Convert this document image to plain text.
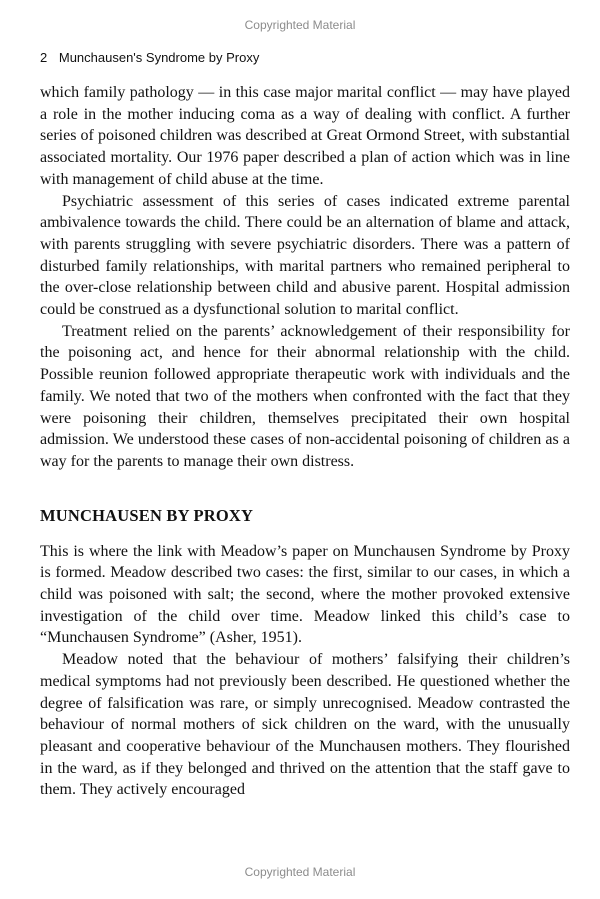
Copyrighted Material
2 Munchausen's Syndrome by Proxy

which family pathology — in this case major marital conflict — may have played a role in the mother inducing coma as a way of dealing with conflict. A further series of poisoned children was described at Great Ormond Street, with substantial associated mortality. Our 1976 paper described a plan of action which was in line with management of child abuse at the time.

Psychiatric assessment of this series of cases indicated extreme parental ambivalence towards the child. There could be an alternation of blame and attack, with parents struggling with severe psychiatric disorders. There was a pattern of disturbed family relationships, with marital partners who remained peripheral to the over-close relationship between child and abusive parent. Hospital admission could be construed as a dysfunctional solution to marital conflict.

Treatment relied on the parents’ acknowledgement of their responsibility for the poisoning act, and hence for their abnormal relationship with the child. Possible reunion followed appropriate therapeutic work with individuals and the family. We noted that two of the mothers when confronted with the fact that they were poisoning their children, themselves precipitated their own hospital admission. We understood these cases of non-accidental poisoning of children as a way for the parents to manage their own distress.

MUNCHAUSEN BY PROXY

This is where the link with Meadow’s paper on Munchausen Syndrome by Proxy is formed. Meadow described two cases: the first, similar to our cases, in which a child was poisoned with salt; the second, where the mother provoked extensive investigation of the child over time. Meadow linked this child’s case to “Munchausen Syndrome” (Asher, 1951).

Meadow noted that the behaviour of mothers’ falsifying their children’s medical symptoms had not previously been described. He questioned whether the degree of falsification was rare, or simply unrecognised. Meadow contrasted the behaviour of normal mothers of sick children on the ward, with the unusually pleasant and cooperative behaviour of the Munchausen mothers. They flourished in the ward, as if they belonged and thrived on the attention that the staff gave to them. They actively encouraged

Copyrighted Material
